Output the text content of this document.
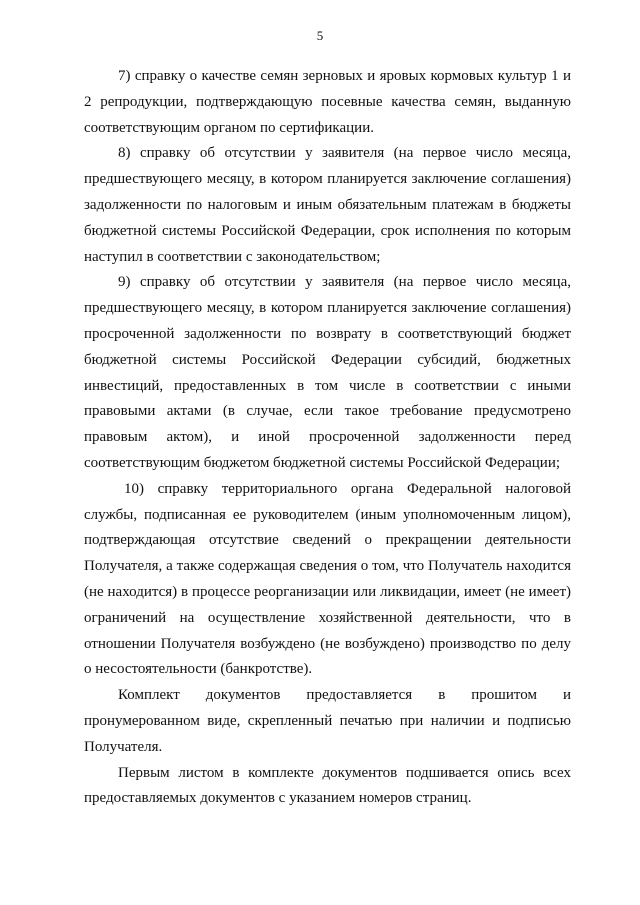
5

7) справку о качестве семян зерновых и яровых кормовых культур 1 и 2 репродукции, подтверждающую посевные качества семян, выданную соответствующим органом по сертификации.

8) справку об отсутствии у заявителя (на первое число месяца, предшествующего месяцу, в котором планируется заключение соглашения) задолженности по налоговым и иным обязательным платежам в бюджеты бюджетной системы Российской Федерации, срок исполнения по которым наступил в соответствии с законодательством;

9) справку об отсутствии у заявителя (на первое число месяца, предшествующего месяцу, в котором планируется заключение соглашения) просроченной задолженности по возврату в соответствующий бюджет бюджетной системы Российской Федерации субсидий, бюджетных инвестиций, предоставленных в том числе в соответствии с иными правовыми актами (в случае, если такое требование предусмотрено правовым актом), и иной просроченной задолженности перед соответствующим бюджетом бюджетной системы Российской Федерации;

10) справку территориального органа Федеральной налоговой службы, подписанная ее руководителем (иным уполномоченным лицом), подтверждающая отсутствие сведений о прекращении деятельности Получателя, а также содержащая сведения о том, что Получатель находится (не находится) в процессе реорганизации или ликвидации, имеет (не имеет) ограничений на осуществление хозяйственной деятельности, что в отношении Получателя возбуждено (не возбуждено) производство по делу о несостоятельности (банкротстве).

Комплект документов предоставляется в прошитом и пронумерованном виде, скрепленный печатью при наличии и подписью Получателя.

Первым листом в комплекте документов подшивается опись всех предоставляемых документов с указанием номеров страниц.
